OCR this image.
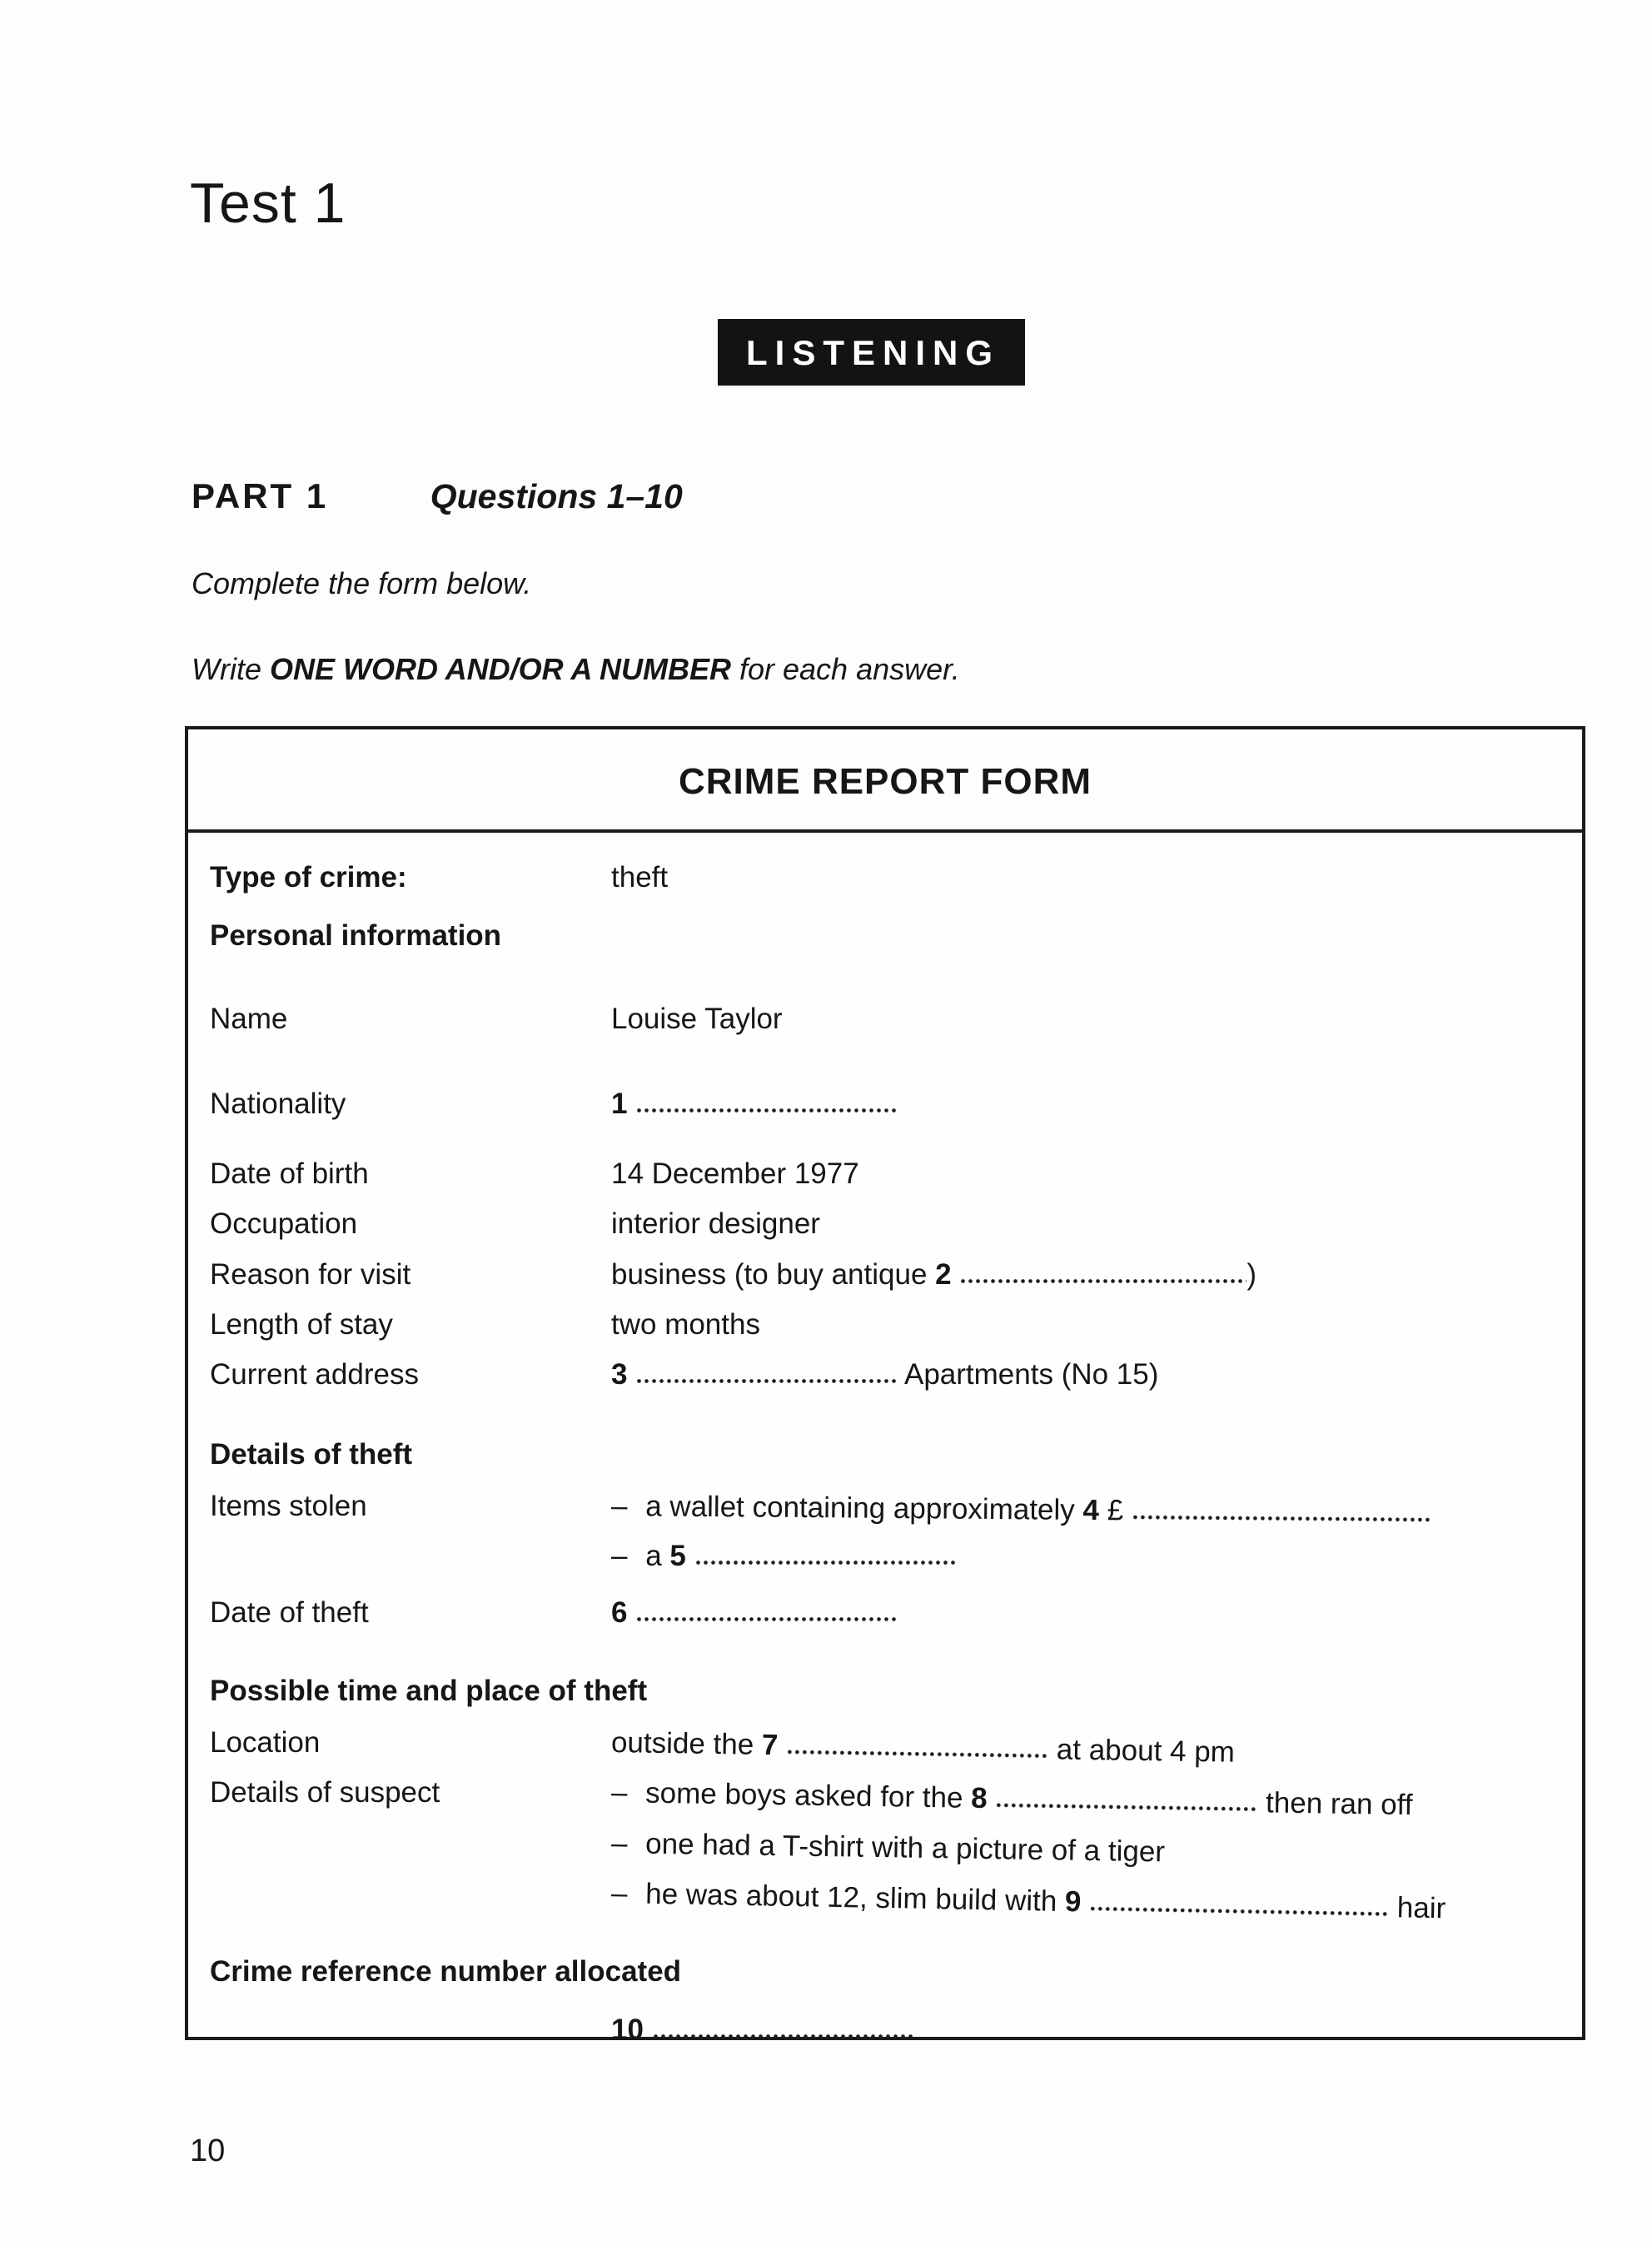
Test 1
LISTENING
PART 1	Questions 1–10

Complete the form below.

Write ONE WORD AND/OR A NUMBER for each answer.

CRIME REPORT FORM
Type of crime:	theft
Personal information
Name	Louise Taylor
Nationality	1
Date of birth	14 December 1977
Occupation	interior designer
Reason for visit	business (to buy antique 2	)
Length of stay	two months
Current address	3	Apartments (No 15)
Details of theft
Items stolen	– a wallet containing approximately 4 £
– a 5
Date of theft	6
Possible time and place of theft
Location	outside the 7	at about 4 pm
Details of suspect	– some boys asked for the 8	then ran off
– one had a T-shirt with a picture of a tiger
– he was about 12, slim build with 9	hair
Crime reference number allocated
10
10
